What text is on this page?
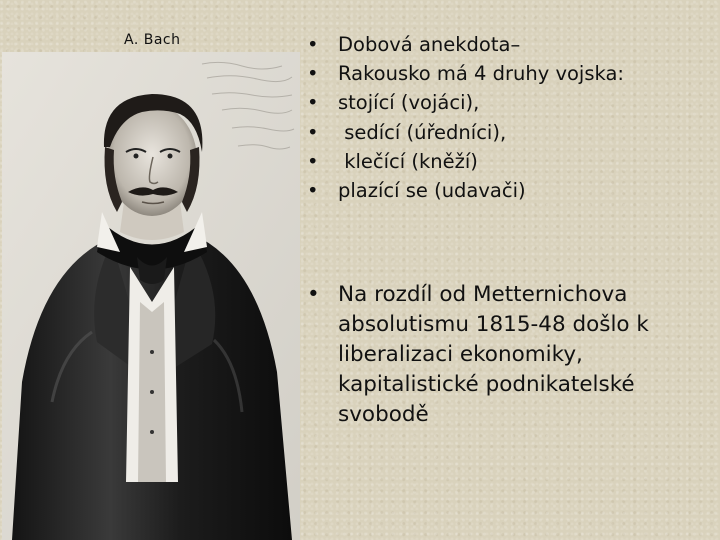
A. Bach	• Dobová anekdota–
• Rakousko má 4 druhy vojska:
• stojící (vojáci),
• sedící (úředníci),
• klečící (kněží)
• plazící se (udavači)
• Na rozdíl od Metternichova absolutismu 1815-48 došlo k liberalizaci ekonomiky, kapitalistické podnikatelské svobodě
